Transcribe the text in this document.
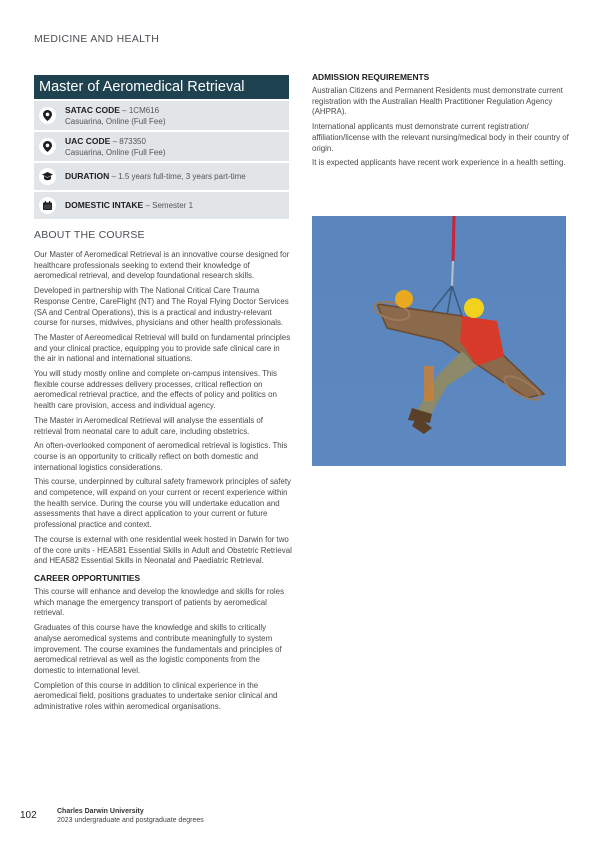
MEDICINE AND HEALTH
Master of Aeromedical Retrieval
SATAC CODE – 1CM616
Casuarina, Online (Full Fee)
UAC CODE – 873350
Casuarina, Online (Full Fee)
DURATION – 1.5 years full-time, 3 years part-time
DOMESTIC INTAKE – Semester 1
ABOUT THE COURSE

Our Master of Aeromedical Retrieval is an innovative course designed for healthcare professionals seeking to extend their knowledge of aeromedical retrieval, and develop foundational research skills.

Developed in partnership with The National Critical Care Trauma Response Centre, CareFlight (NT) and The Royal Flying Doctor Services (SA and Central Operations), this is a practical and industry-relevant course for nurses, midwives, physicians and other health professionals.

The Master of Aereomedical Retrieval will build on fundamental principles and your clinical practice, equipping you to provide safe clinical care in the air in national and international situations.

You will study mostly online and complete on-campus intensives. This flexible course addresses delivery processes, critical reflection on aeromedical retrieval practice, and the effects of policy and politics on health care provision, access and individual agency.

The Master in Aeromedical Retrieval will analyse the essentials of retrieval from neonatal care to adult care, including obstetrics.

An often-overlooked component of aeromedical retrieval is logistics. This course is an opportunity to critically reflect on both domestic and international logistics considerations.

This course, underpinned by cultural safety framework principles of safety and competence, will expand on your current or recent experience within the health service. During the course you will undertake education and assessments that have a direct application to your current or future professional practice and context.

The course is external with one residential week hosted in Darwin for two of the core units - HEA581 Essential Skills in Adult and Obstetric Retrieval and HEA582 Essential Skills in Neonatal and Paediatric Retrieval.

CAREER OPPORTUNITIES

This course will enhance and develop the knowledge and skills for roles which manage the emergency transport of patients by aeromedical retrieval.

Graduates of this course have the knowledge and skills to critically analyse aeromedical systems and contribute meaningfully to system improvement. The course examines the fundamentals and principles of aeromedical retrieval as well as the logistic components from the domestic to international level.

Completion of this course in addition to clinical experience in the aeromedical field, positions graduates to undertake senior clinical and administrative roles within aeromedical organisations.

ADMISSION REQUIREMENTS

Australian Citizens and Permanent Residents must demonstrate current registration with the Australian Health Practitioner Regulation Agency (AHPRA).

International applicants must demonstrate current registration/ affiliation/license with the relevant nursing/medical body in their country of origin.

It is expected applicants have recent work experience in a health setting.

102	Charles Darwin University
2023 undergraduate and postgraduate degrees
